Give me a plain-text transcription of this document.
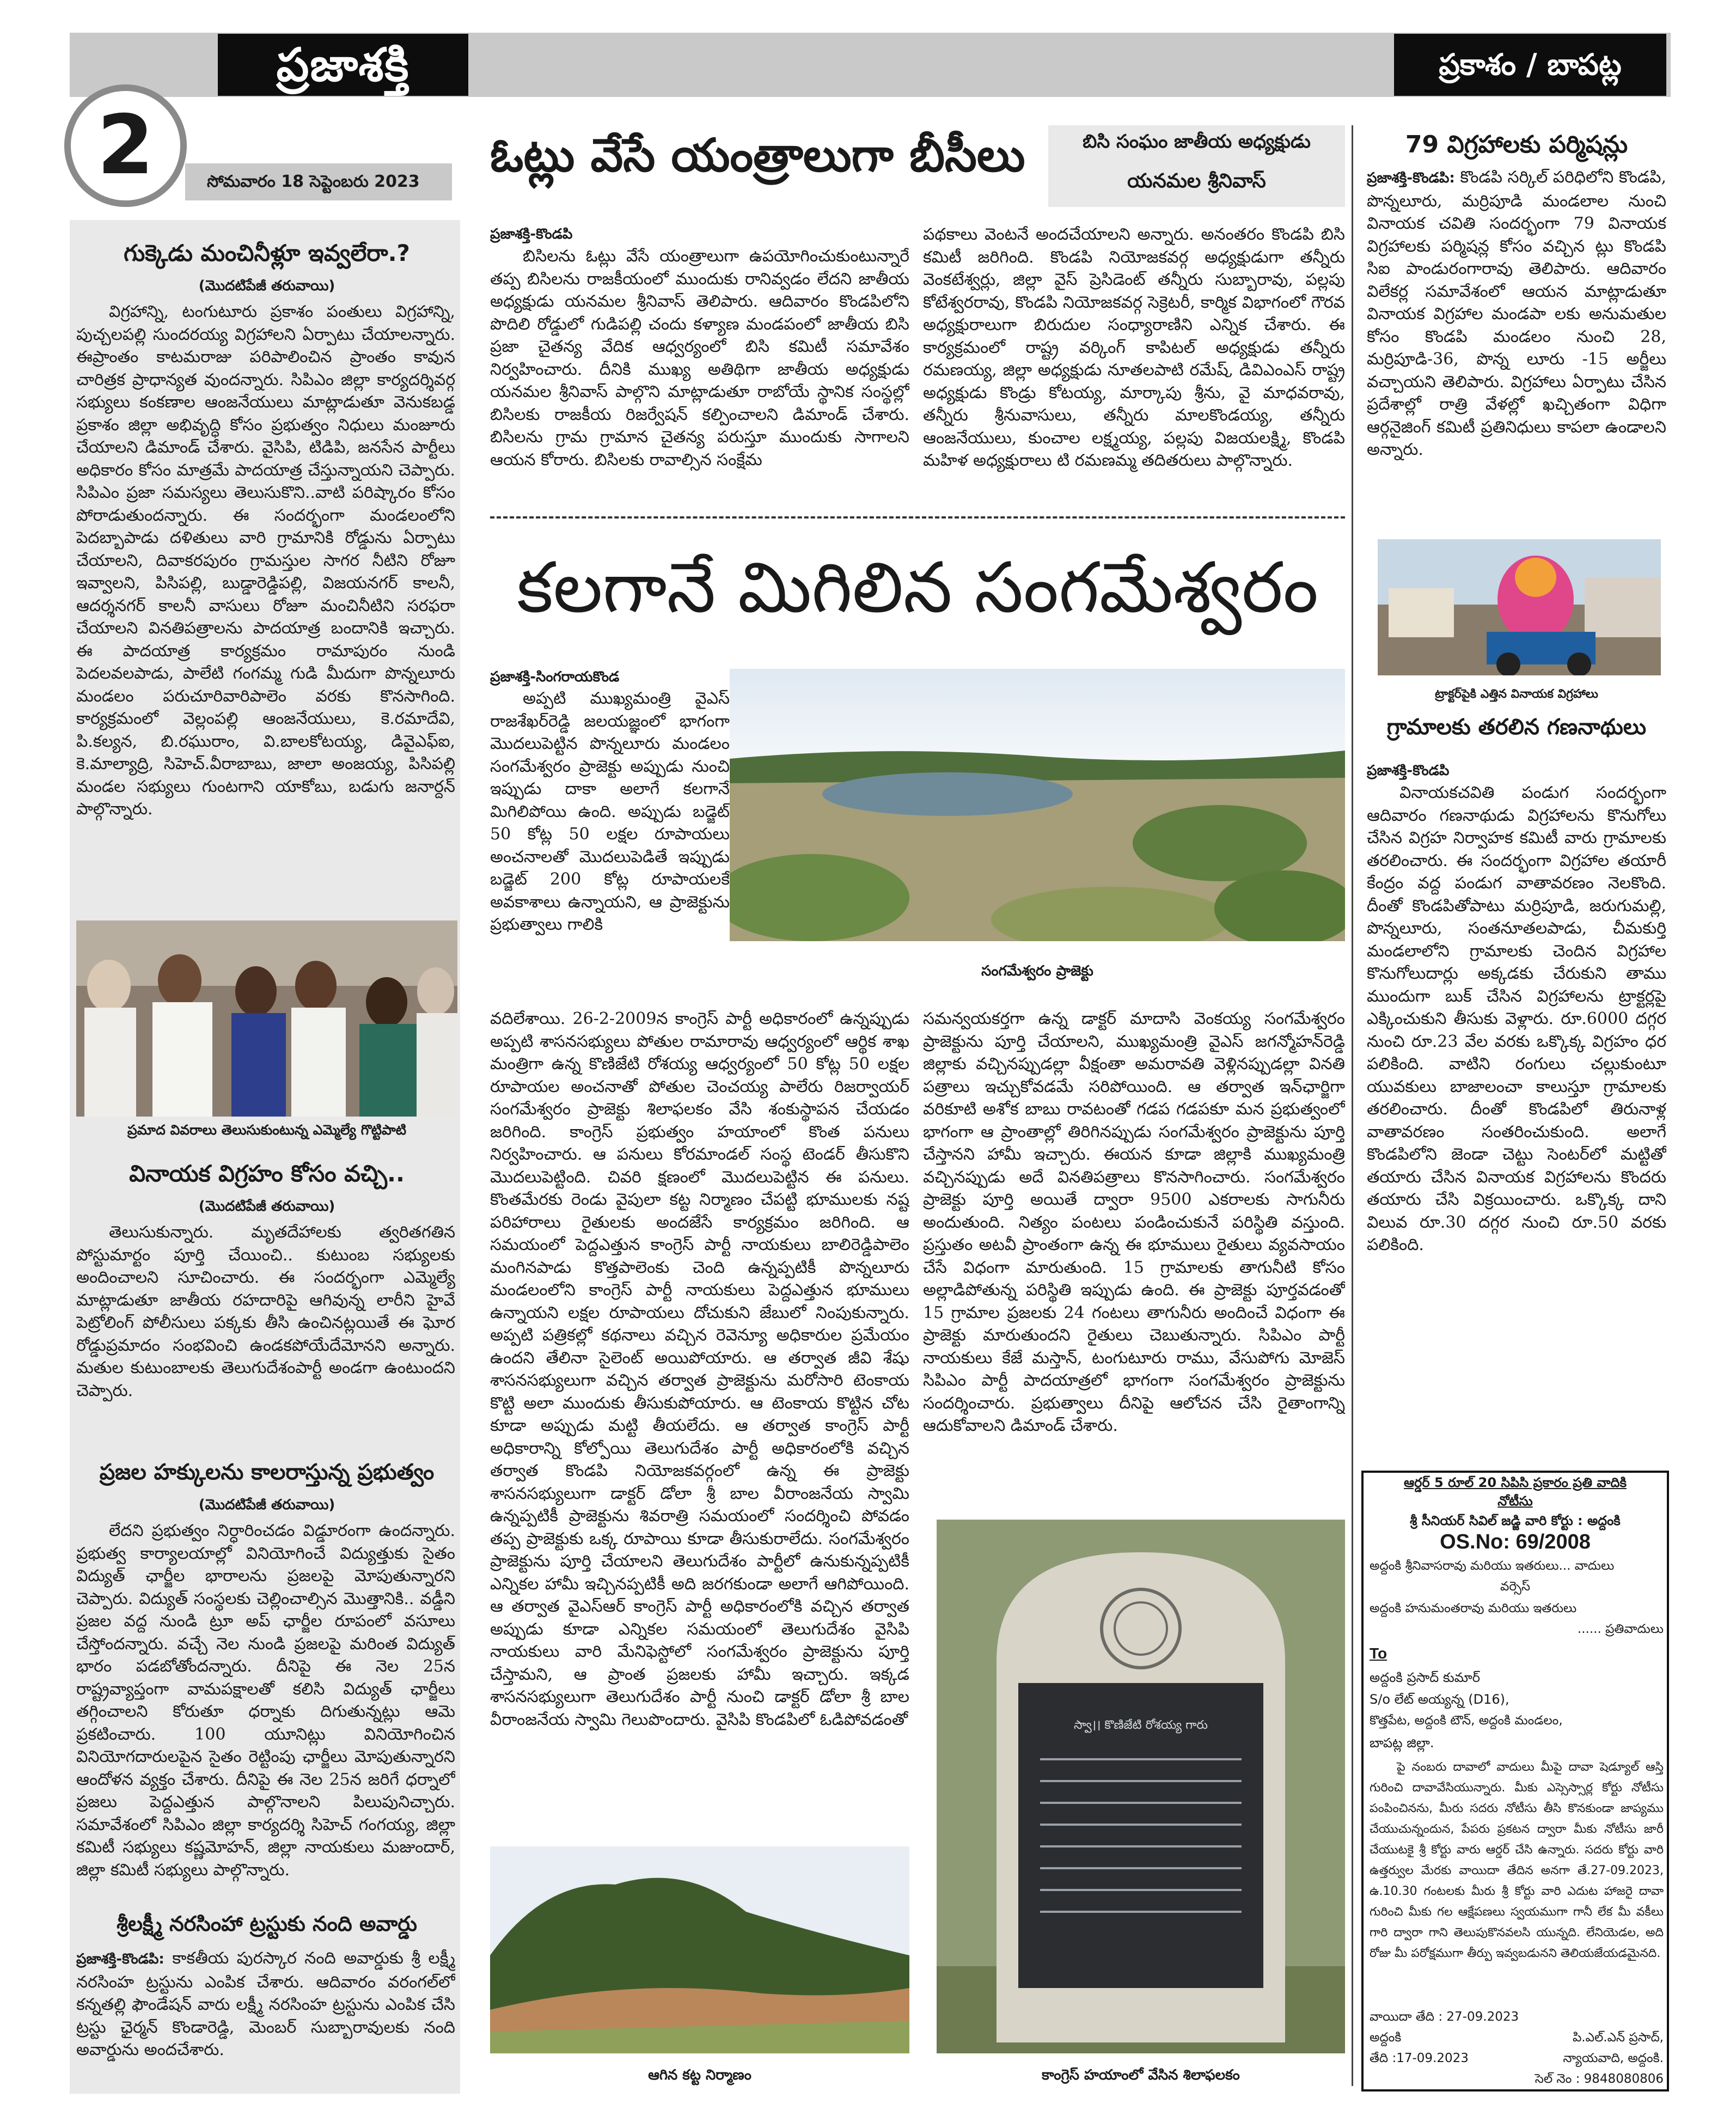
ప్రజాశక్తి	ప్రకాశం / బాపట్ల
2	సోమవారం 18 సెప్టెంబరు 2023
గుక్కెడు మంచినీళ్లూ ఇవ్వలేరా.?
(మొదటిపేజీ తరువాయి)
విగ్రహాన్ని, టంగుటూరు ప్రకాశం పంతులు విగ్రహాన్ని, పుచ్చలపల్లి సుందరయ్య విగ్రహాలని ఏర్పాటు చేయాలన్నారు. ఈప్రాంతం కాటమరాజు పరిపాలించిన ప్రాంతం కావున చారిత్రక ప్రాధాన్యత వుందన్నారు. సిపిఎం జిల్లా కార్యదర్శివర్గ సభ్యులు కంకణాల ఆంజనేయులు మాట్లాడుతూ వెనుకబడ్డ ప్రకాశం జిల్లా అభివృద్ధి కోసం ప్రభుత్వం నిధులు మంజూరు చేయాలని డిమాండ్‌ చేశారు. వైసిపి, టిడిపి, జనసేన పార్టీలు అధికారం కోసం మాత్రమే పాదయాత్ర చేస్తున్నాయని చెప్పారు. సిపిఎం ప్రజా సమస్యలు తెలుసుకొని..వాటి పరిష్కారం కోసం పోరాడుతుందన్నారు. ఈ సందర్భంగా మండలంలోని పెదబ్బాపాడు దళితులు వారి గ్రామానికి రోడ్డును ఏర్పాటు చేయాలని, దివాకరపురం గ్రామస్తుల సాగర నీటిని రోజూ ఇవ్వాలని, పిసిపల్లి, బుడ్డారెడ్డిపల్లి, విజయనగర్‌ కాలనీ, ఆదర్శనగర్‌ కాలనీ వాసులు రోజూ మంచినీటిని సరఫరా చేయాలని వినతిపత్రాలను పాదయాత్ర బందానికి ఇచ్చారు. ఈ పాదయాత్ర కార్యక్రమం రామాపురం నుండి పెదలవలపాడు, పాలేటి గంగమ్మ గుడి మీదుగా పొన్నలూరు మండలం పరుచూరివారిపాలెం వరకు కొనసాగింది. కార్యక్రమంలో వెల్లంపల్లి ఆంజనేయులు, కె.రమాదేవి, పి.కల్యన, బి.రఘురాం, వి.బాలకోటయ్య, డివైఎఫ్‌ఐ, కె.మాల్యాద్రి, సిహెచ్‌.వీరాబాబు, జాలా అంజయ్య, పిసిపల్లి మండల సభ్యులు గుంటగాని యాకోబు, బడుగు జనార్దన్‌ పాల్గొన్నారు.
ప్రమాద వివరాలు తెలుసుకుంటున్న ఎమ్మెల్యే గొట్టిపాటి
వినాయక విగ్రహం కోసం వచ్చి..
(మొదటిపేజీ తరువాయి)
తెలుసుకున్నారు. మృతదేహాలకు త్వరితగతిన పోస్టుమార్టం పూర్తి చేయించి.. కుటుంబ సభ్యులకు అందించాలని సూచించారు. ఈ సందర్భంగా ఎమ్మెల్యే మాట్లాడుతూ జాతీయ రహదారిపై ఆగివున్న లారీని హైవే పెట్రోలింగ్‌ పోలీసులు పక్కకు తీసి ఉంచినట్లయితే ఈ ఘోర రోడ్డుప్రమాదం సంభవించి ఉండకపోయేదేమోనని అన్నారు. మతుల కుటుంబాలకు తెలుగుదేశంపార్టీ అండగా ఉంటుందని చెప్పారు.
ప్రజల హక్కులను కాలరాస్తున్న ప్రభుత్వం
(మొదటిపేజీ తరువాయి)
లేదని ప్రభుత్వం నిర్ధారించడం విడ్డూరంగా ఉందన్నారు. ప్రభుత్వ కార్యాలయాల్లో వినియోగించే విద్యుత్తుకు సైతం విద్యుత్‌ ఛార్జీల భారాలను ప్రజలపై మోపుతున్నారని చెప్పారు. విద్యుత్‌ సంస్థలకు చెల్లించాల్సిన మొత్తానికి.. వడ్డీని ప్రజల వద్ద నుండి ట్రూ అప్‌ ఛార్జీల రూపంలో వసూలు చేస్తోందన్నారు. వచ్చే నెల నుండి ప్రజలపై మరింత విద్యుత్‌ భారం పడబోతోందన్నారు. దీనిపై ఈ నెల 25న రాష్ట్రవ్యాప్తంగా వామపక్షాలతో కలిసి విద్యుత్‌ ఛార్జీలు తగ్గించాలని కోరుతూ ధర్నాకు దిగుతున్నట్లు ఆమె ప్రకటించారు. 100 యూనిట్లు వినియోగించిన వినియోగదారులపైన సైతం రెట్టింపు ఛార్జీలు మోపుతున్నారని ఆందోళన వ్యక్తం చేశారు. దీనిపై ఈ నెల 25న జరిగే ధర్నాలో ప్రజలు పెద్దఎత్తున పాల్గొనాలని పిలుపునిచ్చారు. సమావేశంలో సిపిఎం జిల్లా కార్యదర్శి సిహెచ్‌ గంగయ్య, జిల్లా కమిటీ సభ్యులు కష్ణమోహన్‌, జిల్లా నాయకులు మజుందార్‌, జిల్లా కమిటీ సభ్యులు పాల్గొన్నారు.
శ్రీలక్ష్మీ నరసింహా ట్రస్టుకు నంది అవార్డు
ప్రజాశక్తి-కొండపి: కాకతీయ పురస్కార నంది అవార్డుకు శ్రీ లక్ష్మీ నరసింహ ట్రస్టును ఎంపిక చేశారు. ఆదివారం వరంగల్‌లో కన్నతల్లి ఫౌండేషన్‌ వారు లక్ష్మీ నరసింహ ట్రస్టును ఎంపిక చేసి ట్రస్టు ఛైర్మన్‌ కొండారెడ్డి, మెంబర్‌ సుబ్బారావులకు నంది అవార్డును అందచేశారు.
ఓట్లు వేసే యంత్రాలుగా బీసీలు	బిసి సంఘం జాతీయ అధ్యక్షుడు
యనమల శ్రీనివాస్‌
ప్రజాశక్తి-కొండపి
బిసిలను ఓట్లు వేసే యంత్రాలుగా ఉపయోగించుకుంటున్నారే తప్ప బిసిలను రాజకీయంలో ముందుకు రానివ్వడం లేదని జాతీయ అధ్యక్షుడు యనమల శ్రీనివాస్‌ తెలిపారు. ఆదివారం కొండపిలోని పొదిలి రోడ్డులో గుడిపల్లి చందు కళ్యాణ మండపంలో జాతీయ బిసి ప్రజా చైతన్య వేదిక ఆధ్వర్యంలో బిసి కమిటీ సమావేశం నిర్వహించారు. దీనికి ముఖ్య అతిథిగా జాతీయ అధ్యక్షుడు యనమల శ్రీనివాస్‌ పాల్గొని మాట్లాడుతూ రాబోయే స్థానిక సంస్థల్లో బిసిలకు రాజకీయ రిజర్వేషన్‌ కల్పించాలని డిమాండ్‌ చేశారు. బిసిలను గ్రామ గ్రామాన చైతన్య పరుస్తూ ముందుకు సాగాలని ఆయన కోరారు. బిసిలకు రావాల్సిన సంక్షేమ
పథకాలు వెంటనే అందచేయాలని అన్నారు. అనంతరం కొండపి బిసి కమిటీ జరిగింది. కొండపి నియోజకవర్గ అధ్యక్షుడుగా తన్నీరు వెంకటేశ్వర్లు, జిల్లా వైస్‌ ప్రెసిడెంట్‌ తన్నీరు సుబ్బారావు, పల్లపు కోటేశ్వరరావు, కొండపి నియోజకవర్గ సెక్రెటరీ, కార్మిక విభాగంలో గౌరవ అధ్యక్షురాలుగా బిరుదుల సంధ్యారాణిని ఎన్నిక చేశారు. ఈ కార్యక్రమంలో రాష్ట్ర వర్కింగ్‌ కాపిటల్‌ అధ్యక్షుడు తన్నీరు రమణయ్య, జిల్లా అధ్యక్షుడు నూతలపాటి రమేష్‌, డివిఎంఎస్‌ రాష్ట్ర అధ్యక్షుడు కొండ్రు కోటయ్య, మార్కాపు శ్రీను, వై మాధవరావు, తన్నీరు శ్రీనువాసులు, తన్నీరు మాలకొండయ్య, తన్నీరు ఆంజనేయులు, కుంచాల లక్ష్మయ్య, పల్లపు విజయలక్ష్మి, కొండపి మహిళ అధ్యక్షురాలు టి రమణమ్మ తదితరులు పాల్గొన్నారు.
కలగానే మిగిలిన సంగమేశ్వరం
ప్రజాశక్తి-సింగరాయకొండ
అప్పటి ముఖ్యమంత్రి వైఎస్‌ రాజశేఖర్‌రెడ్డి జలయజ్ఞంలో భాగంగా మొదలుపెట్టిన పొన్నలూరు మండలం సంగమేశ్వరం ప్రాజెక్టు అప్పుడు నుంచి ఇప్పుడు దాకా అలాగే కలగానే మిగిలిపోయి ఉంది. అప్పుడు బడ్జెట్‌ 50 కోట్ల 50 లక్షల రూపాయలు అంచనాలతో మొదలుపెడితే ఇప్పుడు బడ్జెట్‌ 200 కోట్ల రూపాయలకే అవకాశాలు ఉన్నాయని, ఆ ప్రాజెక్టును ప్రభుత్వాలు గాలికి
సంగమేశ్వరం ప్రాజెక్టు
వదిలేశాయి. 26-2-2009న కాంగ్రెస్‌ పార్టీ అధికారంలో ఉన్నప్పుడు అప్పటి శాసనసభ్యులు పోతుల రామారావు ఆధ్వర్యంలో ఆర్థిక శాఖ మంత్రిగా ఉన్న కొణిజేటి రోశయ్య ఆధ్వర్యంలో 50 కోట్ల 50 లక్షల రూపాయల అంచనాతో పోతుల చెంచయ్య పాలేరు రిజర్వాయర్‌ సంగమేశ్వరం ప్రాజెక్టు శిలాఫలకం వేసి శంకుస్థాపన చేయడం జరిగింది. కాంగ్రెస్‌ ప్రభుత్వం హయాంలో కొంత పనులు నిర్వహించారు. ఆ పనులు కోరమాండల్‌ సంస్థ టెండర్‌ తీసుకొని మొదలుపెట్టింది. చివరి క్షణంలో మొదలుపెట్టిన ఈ పనులు. కొంతమేరకు రెండు వైపులా కట్ట నిర్మాణం చేపట్టి భూములకు నష్ట పరిహారాలు రైతులకు అందజేసే కార్యక్రమం జరిగింది. ఆ సమయంలో పెద్దఎత్తున కాంగ్రెస్‌ పార్టీ నాయకులు బాలిరెడ్డిపాలెం మంగినపాడు కొత్తపాలెంకు చెంది ఉన్నప్పటికీ పొన్నలూరు మండలంలోని కాంగ్రెస్‌ పార్టీ నాయకులు పెద్దఎత్తున భూములు ఉన్నాయని లక్షల రూపాయలు దోచుకుని జేబులో నింపుకున్నారు. అప్పటి పత్రికల్లో కథనాలు వచ్చిన రెవెన్యూ అధికారుల ప్రమేయం ఉందని తేలినా సైలెంట్‌ అయిపోయారు. ఆ తర్వాత జీవి శేషు శాసనసభ్యులుగా వచ్చిన తర్వాత ప్రాజెక్టును మరోసారి టెంకాయ కొట్టి అలా ముందుకు తీసుకుపోయారు. ఆ టెంకాయ కొట్టిన చోట కూడా అప్పుడు మట్టి తీయలేదు. ఆ తర్వాత కాంగ్రెస్‌ పార్టీ అధికారాన్ని కోల్పోయి తెలుగుదేశం పార్టీ అధికారంలోకి వచ్చిన తర్వాత కొండపి నియోజకవర్గంలో ఉన్న ఈ ప్రాజెక్టు శాసనసభ్యులుగా డాక్టర్‌ డోలా శ్రీ బాల వీరాంజనేయ స్వామి ఉన్నప్పటికీ ప్రాజెక్టును శివరాత్రి సమయంలో సందర్శించి పోవడం తప్ప ప్రాజెక్టుకు ఒక్క రూపాయి కూడా తీసుకురాలేదు. సంగమేశ్వరం ప్రాజెక్టును పూర్తి చేయాలని తెలుగుదేశం పార్టీలో ఉనుకున్నప్పటికీ ఎన్నికల హామీ ఇచ్చినప్పటికీ అది జరగకుండా అలాగే ఆగిపోయింది. ఆ తర్వాత వైఎస్‌ఆర్‌ కాంగ్రెస్‌ పార్టీ అధికారంలోకి వచ్చిన తర్వాత అప్పుడు కూడా ఎన్నికల సమయంలో తెలుగుదేశం వైసిపి నాయకులు వారి మేనిఫెస్టోలో సంగమేశ్వరం ప్రాజెక్టును పూర్తి చేస్తామని, ఆ ప్రాంత ప్రజలకు హామీ ఇచ్చారు. ఇక్కడ శాసనసభ్యులుగా తెలుగుదేశం పార్టీ నుంచి డాక్టర్‌ డోలా శ్రీ బాల వీరాంజనేయ స్వామి గెలుపొందారు. వైసిపి కొండపిలో ఓడిపోవడంతో
సమన్వయకర్తగా ఉన్న డాక్టర్‌ మాదాసి వెంకయ్య సంగమేశ్వరం ప్రాజెక్టును పూర్తి చేయాలని, ముఖ్యమంత్రి వైఎస్‌ జగన్మోహన్‌రెడ్డి జిల్లాకు వచ్చినప్పుడల్లా వీక్షంతా అమరావతి వెళ్లినప్పుడల్లా వినతి పత్రాలు ఇచ్చుకోవడమే సరిపోయింది. ఆ తర్వాత ఇన్‌ఛార్జిగా వరికూటి అశోక బాబు రావటంతో గడప గడపకూ మన ప్రభుత్వంలో భాగంగా ఆ ప్రాంతాల్లో తిరిగినప్పుడు సంగమేశ్వరం ప్రాజెక్టును పూర్తి చేస్తానని హామీ ఇచ్చారు. ఈయన కూడా జిల్లాకి ముఖ్యమంత్రి వచ్చినప్పుడు అదే వినతిపత్రాలు కొనసాగించారు. సంగమేశ్వరం ప్రాజెక్టు పూర్తి అయితే ద్వారా 9500 ఎకరాలకు సాగునీరు అందుతుంది. నిత్యం పంటలు పండించుకునే పరిస్థితి వస్తుంది. ప్రస్తుతం అటవీ ప్రాంతంగా ఉన్న ఈ భూములు రైతులు వ్యవసాయం చేసే విధంగా మారుతుంది. 15 గ్రామాలకు తాగునీటి కోసం అల్లాడిపోతున్న పరిస్థితి ఇప్పుడు ఉంది. ఈ ప్రాజెక్టు పూర్తవడంతో 15 గ్రామాల ప్రజలకు 24 గంటలు తాగునీరు అందించే విధంగా ఈ ప్రాజెక్టు మారుతుందని రైతులు చెబుతున్నారు. సిపిఎం పార్టీ నాయకులు కేజే మస్తాన్‌, టంగుటూరు రాము, వేసుపోగు మోజెస్‌ సిపిఎం పార్టీ పాదయాత్రలో భాగంగా సంగమేశ్వరం ప్రాజెక్టును సందర్శించారు. ప్రభుత్వాలు దీనిపై ఆలోచన చేసి రైతాంగాన్ని ఆదుకోవాలని డిమాండ్‌ చేశారు.
ఆగిన కట్ట నిర్మాణం
స్వా।। కొణిజేటి రోశయ్య గారు
కాంగ్రెస్‌ హయాంలో వేసిన శిలాఫలకం
79 విగ్రహాలకు పర్మిషన్లు
ప్రజాశక్తి-కొండపి: కొండపి సర్కిల్‌ పరిధిలోని కొండపి, పొన్నలూరు, మర్రిపూడి మండలాల నుంచి వినాయక చవితి సందర్భంగా 79 వినాయక విగ్రహాలకు పర్మిషన్ల కోసం వచ్చిన ట్లు కొండపి సిఐ పాండురంగారావు తెలిపారు. ఆదివారం విలేకర్ల సమావేశంలో ఆయన మాట్లాడుతూ వినాయక విగ్రహాల మండపా లకు అనుమతుల కోసం కొండపి మండలం నుంచి 28, మర్రిపూడి-36, పొన్న లూరు -15 అర్జీలు వచ్చాయని తెలిపారు. విగ్రహాలు ఏర్పాటు చేసిన ప్రదేశాల్లో రాత్రి వేళల్లో ఖచ్చితంగా విధిగా ఆర్గనైజింగ్‌ కమిటీ ప్రతినిధులు కాపలా ఉండాలని అన్నారు.
ట్రాక్టర్‌పైకి ఎత్తిన వినాయక విగ్రహాలు
గ్రామాలకు తరలిన గణనాథులు
ప్రజాశక్తి-కొండపి
వినాయకచవితి పండుగ సందర్భంగా ఆదివారం గణనాథుడు విగ్రహాలను కొనుగోలు చేసిన విగ్రహ నిర్వాహక కమిటీ వారు గ్రామాలకు తరలించారు. ఈ సందర్భంగా విగ్రహాల తయారీ కేంద్రం వద్ద పండుగ వాతావరణం నెలకొంది. దీంతో కొండపితోపాటు మర్రిపూడి, జరుగుమల్లి, పొన్నలూరు, సంతనూతలపాడు, చీమకుర్తి మండలాలోని గ్రామాలకు చెందిన విగ్రహాల కొనుగోలుదార్లు అక్కడకు చేరుకుని తాము ముందుగా బుక్‌ చేసిన విగ్రహాలను ట్రాక్టర్లపై ఎక్కించుకుని తీసుకు వెళ్లారు. రూ.6000 దగ్గర నుంచి రూ.23 వేల వరకు ఒక్కొక్క విగ్రహం ధర పలికింది. వాటిని రంగులు చల్లుకుంటూ యువకులు బాజాలంచా కాలుస్తూ గ్రామాలకు తరలించారు. దీంతో కొండపిలో తిరునాళ్ల వాతావరణం సంతరించుకుంది. అలాగే కొండపిలోని జెండా చెట్టు సెంటర్‌లో మట్టితో తయారు చేసిన వినాయక విగ్రహాలను కొందరు తయారు చేసి విక్రయించారు. ఒక్కొక్క దాని విలువ రూ.30 దగ్గర నుంచి రూ.50 వరకు పలికింది.
ఆర్డర్‌ 5 రూల్‌ 20 సిపిసి ప్రకారం ప్రతి వాదికి
నోటీసు
శ్రీ సీనియర్‌ సివిల్‌ జడ్జి వారి కోర్టు : అద్దంకి
OS.No: 69/2008
అద్దంకి శ్రీనివాసరావు మరియు ఇతరులు... వాదులు
వర్సెస్‌
అద్దంకి హనుమంతరావు మరియు ఇతరులు
...... ప్రతివాదులు
To
అద్దంకి ప్రసాద్‌ కుమార్‌
S/o లేట్‌ అయ్యన్న (D16),
కొత్తపేట, అద్దంకి టౌన్‌, అద్దంకి మండలం,
బాపట్ల జిల్లా.
పై నంబరు దావాలో వాదులు మీపై దావా షెడ్యూల్‌ ఆస్తి గురించి దావావేసియున్నారు. మీకు ఎస్సెస్సార్ల కోర్టు నోటీసు పంపించినను, మీరు సదరు నోటీసు తీసి కొనకుండా జాప్యము చేయుచున్నందున, పేపరు ప్రకటన ద్వారా మీకు నోటీసు జారీ చేయుటకై శ్రీ కోర్టు వారు ఆర్డర్‌ చేసి ఉన్నారు. సదరు కోర్టు వారి ఉత్తర్వుల మేరకు వాయిదా తేదిన అనగా తే.27-09.2023, ఉ.10.30 గంటలకు మీరు శ్రీ కోర్టు వారి ఎదుట హాజరై దావా గురించి మీకు గల ఆక్షేపణలు స్వయముగా గానీ లేక మీ వకీలు గారి ద్వారా గాని తెలుపుకొనవలసి యున్నది. లేనియెడల, అది రోజు మీ పరోక్షముగా తీర్పు ఇవ్వబడునని తెలియజేయడమైనది.
వాయిదా తేది : 27-09.2023
అద్దంకి	పి.ఎల్‌.ఎన్‌ ప్రసాద్‌,
తేది :17-09.2023	న్యాయవాది, అద్దంకి.
సెల్‌ నెం : 9848080806
